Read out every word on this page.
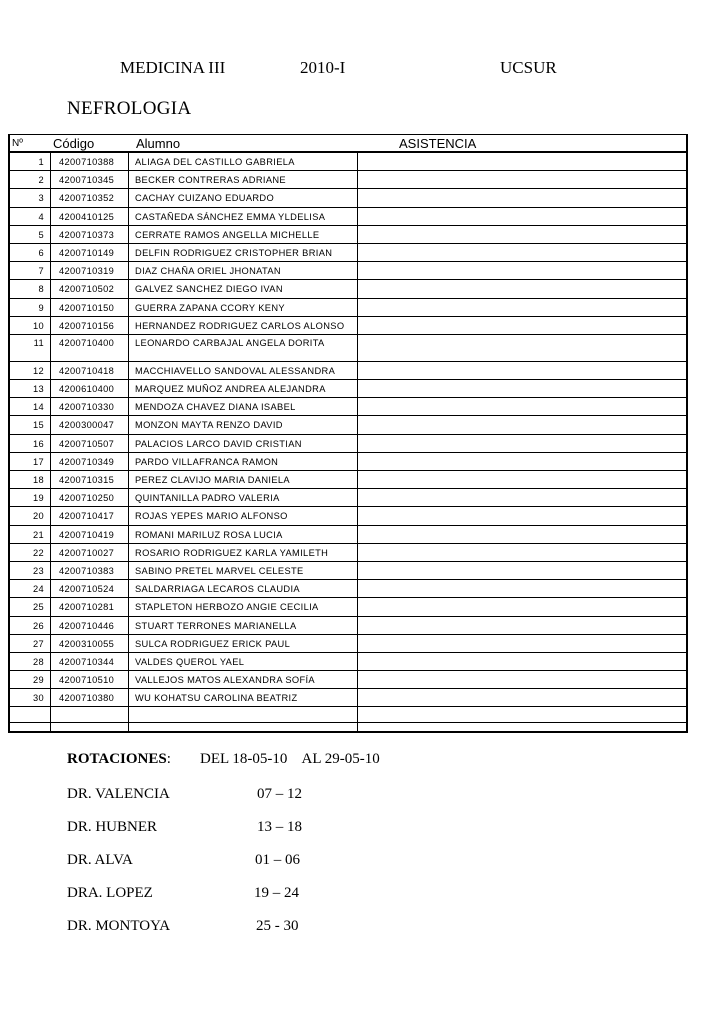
MEDICINA III	2010-I	UCSUR
NEFROLOGIA
Nº	Código	Alumno	ASISTENCIA
1	4200710388	ALIAGA DEL CASTILLO GABRIELA
2	4200710345	BECKER CONTRERAS ADRIANE
3	4200710352	CACHAY CUIZANO EDUARDO
4	4200410125	CASTAÑEDA SÁNCHEZ EMMA YLDELISA
5	4200710373	CERRATE RAMOS ANGELLA MICHELLE
6	4200710149	DELFIN RODRIGUEZ CRISTOPHER BRIAN
7	4200710319	DIAZ CHAÑA ORIEL JHONATAN
8	4200710502	GALVEZ SANCHEZ DIEGO IVAN
9	4200710150	GUERRA ZAPANA CCORY KENY
10	4200710156	HERNANDEZ RODRIGUEZ CARLOS ALONSO
11	4200710400	LEONARDO CARBAJAL ANGELA DORITA
12	4200710418	MACCHIAVELLO SANDOVAL ALESSANDRA
13	4200610400	MARQUEZ MUÑOZ ANDREA ALEJANDRA
14	4200710330	MENDOZA CHAVEZ DIANA ISABEL
15	4200300047	MONZON MAYTA RENZO DAVID
16	4200710507	PALACIOS LARCO DAVID CRISTIAN
17	4200710349	PARDO VILLAFRANCA RAMON
18	4200710315	PEREZ CLAVIJO MARIA DANIELA
19	4200710250	QUINTANILLA PADRO VALERIA
20	4200710417	ROJAS YEPES MARIO ALFONSO
21	4200710419	ROMANI MARILUZ ROSA LUCIA
22	4200710027	ROSARIO RODRIGUEZ KARLA YAMILETH
23	4200710383	SABINO PRETEL MARVEL CELESTE
24	4200710524	SALDARRIAGA LECAROS CLAUDIA
25	4200710281	STAPLETON HERBOZO ANGIE CECILIA
26	4200710446	STUART TERRONES MARIANELLA
27	4200310055	SULCA RODRIGUEZ ERICK PAUL
28	4200710344	VALDES QUEROL YAEL
29	4200710510	VALLEJOS MATOS ALEXANDRA SOFÍA
30	4200710380	WU KOHATSU CAROLINA BEATRIZ
ROTACIONES: DEL 18-05-10    AL 29-05-10
DR. VALENCIA	07 – 12
DR. HUBNER	13 – 18
DR. ALVA	01 – 06
DRA. LOPEZ	19 – 24
DR. MONTOYA	25 - 30
